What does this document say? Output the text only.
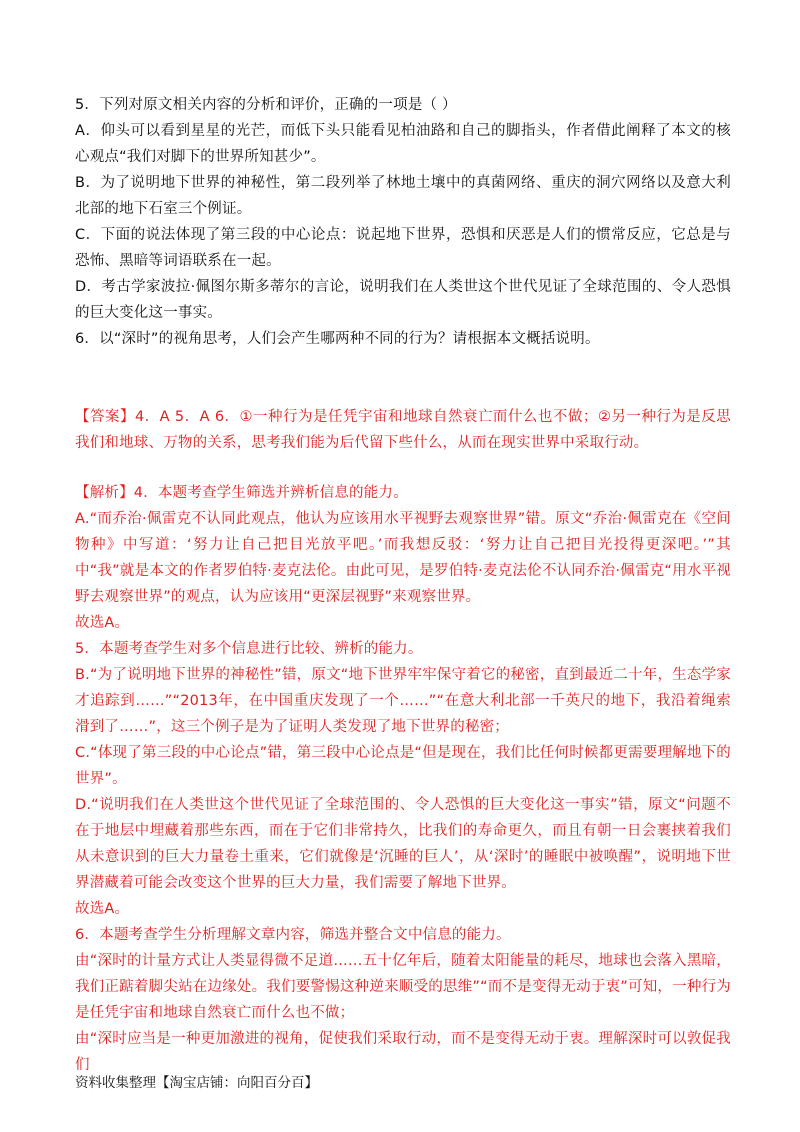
5．下列对原文相关内容的分析和评价，正确的一项是（ ）

A．仰头可以看到星星的光芒，而低下头只能看见柏油路和自己的脚指头，作者借此阐释了本文的核心观点“我们对脚下的世界所知甚少”。

B．为了说明地下世界的神秘性，第二段列举了林地土壤中的真菌网络、重庆的洞穴网络以及意大利北部的地下石室三个例证。

C．下面的说法体现了第三段的中心论点：说起地下世界，恐惧和厌恶是人们的惯常反应，它总是与恐怖、黑暗等词语联系在一起。

D．考古学家波拉·佩图尔斯多蒂尔的言论，说明我们在人类世这个世代见证了全球范围的、令人恐惧的巨大变化这一事实。

6．以“深时”的视角思考，人们会产生哪两种不同的行为？请根据本文概括说明。

【答案】4．A 5．A 6．①一种行为是任凭宇宙和地球自然衰亡而什么也不做；②另一种行为是反思我们和地球、万物的关系，思考我们能为后代留下些什么，从而在现实世界中采取行动。

【解析】4．本题考查学生筛选并辨析信息的能力。

A.“而乔治·佩雷克不认同此观点，他认为应该用水平视野去观察世界”错。原文“乔治·佩雷克在《空间物种》中写道：‘努力让自己把目光放平吧。’而我想反驳：‘努力让自己把目光投得更深吧。’”其中“我”就是本文的作者罗伯特·麦克法伦。由此可见，是罗伯特·麦克法伦不认同乔治·佩雷克“用水平视野去观察世界”的观点，认为应该用“更深层视野”来观察世界。

故选A。

5．本题考查学生对多个信息进行比较、辨析的能力。

B.“为了说明地下世界的神秘性”错，原文“地下世界牢牢保守着它的秘密，直到最近二十年，生态学家才追踪到……”“2013年，在中国重庆发现了一个……”“在意大利北部一千英尺的地下，我沿着绳索滑到了……”，这三个例子是为了证明人类发现了地下世界的秘密；

C.“体现了第三段的中心论点”错，第三段中心论点是“但是现在，我们比任何时候都更需要理解地下的世界”。

D.“说明我们在人类世这个世代见证了全球范围的、令人恐惧的巨大变化这一事实”错，原文“问题不在于地层中埋藏着那些东西，而在于它们非常持久，比我们的寿命更久，而且有朝一日会裹挟着我们从未意识到的巨大力量卷土重来，它们就像是‘沉睡的巨人’，从‘深时’的睡眠中被唤醒”，说明地下世界潜藏着可能会改变这个世界的巨大力量，我们需要了解地下世界。

故选A。

6．本题考查学生分析理解文章内容，筛选并整合文中信息的能力。

由“深时的计量方式让人类显得微不足道……五十亿年后，随着太阳能量的耗尽，地球也会落入黑暗，我们正踮着脚尖站在边缘处。我们要警惕这种逆来顺受的思维”“而不是变得无动于衷”可知，一种行为是任凭宇宙和地球自然衰亡而什么也不做；

由“深时应当是一种更加激进的视角，促使我们采取行动，而不是变得无动于衷。理解深时可以敦促我们

资料收集整理【淘宝店铺：向阳百分百】
